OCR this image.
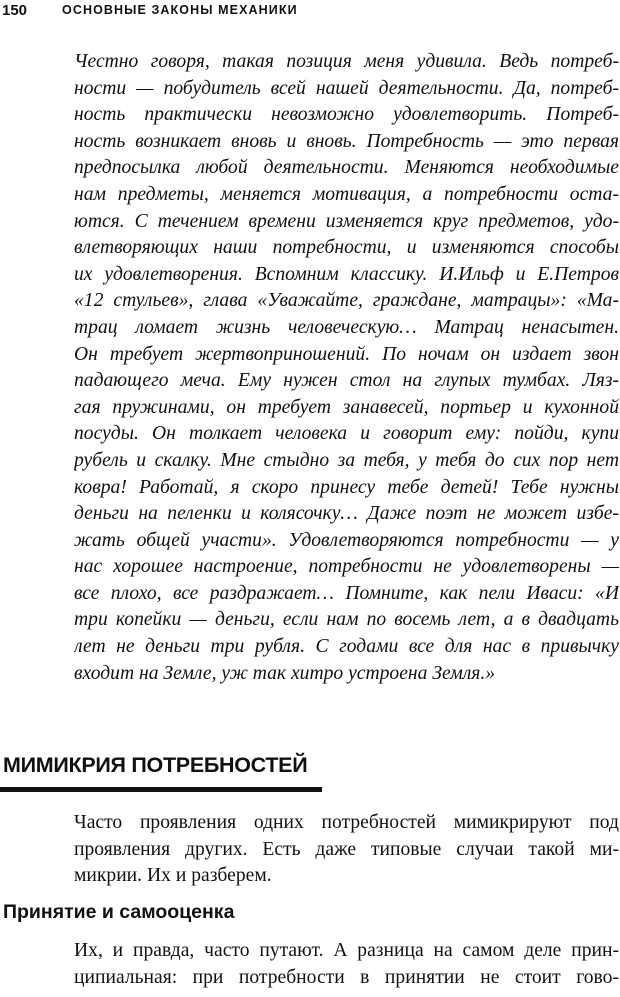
150	ОСНОВНЫЕ ЗАКОНЫ МЕХАНИКИ
Честно говоря, такая позиция меня удивила. Ведь потреб-
ности — побудитель всей нашей деятельности. Да, потреб-
ность практически невозможно удовлетворить. Потреб-
ность возникает вновь и вновь. Потребность — это первая
предпосылка любой деятельности. Меняются необходимые
нам предметы, меняется мотивация, а потребности оста-
ются. С течением времени изменяется круг предметов, удо-
влетворяющих наши потребности, и изменяются способы
их удовлетворения. Вспомним классику. И.Ильф и Е.Петров
«12 стульев», глава «Уважайте, граждане, матрацы»: «Ма-
трац ломает жизнь человеческую… Матрац ненасытен.
Он требует жертвоприношений. По ночам он издает звон
падающего меча. Ему нужен стол на глупых тумбах. Ляз-
гая пружинами, он требует занавесей, портьер и кухонной
посуды. Он толкает человека и говорит ему: пойди, купи
рубель и скалку. Мне стыдно за тебя, у тебя до сих пор нет
ковра! Работай, я скоро принесу тебе детей! Тебе нужны
деньги на пеленки и колясочку… Даже поэт не может избе-
жать общей участи». Удовлетворяются потребности — у
нас хорошее настроение, потребности не удовлетворены —
все плохо, все раздражает… Помните, как пели Иваси: «И
три копейки — деньги, если нам по восемь лет, а в двадцать
лет не деньги три рубля. С годами все для нас в привычку
входит на Земле, уж так хитро устроена Земля.»
МИМИКРИЯ ПОТРЕБНОСТЕЙ
Часто проявления одних потребностей мимикрируют под
проявления других. Есть даже типовые случаи такой ми-
микрии. Их и разберем.
Принятие и самооценка
Их, и правда, часто путают. А разница на самом деле прин-
ципиальная: при потребности в принятии не стоит гово-
